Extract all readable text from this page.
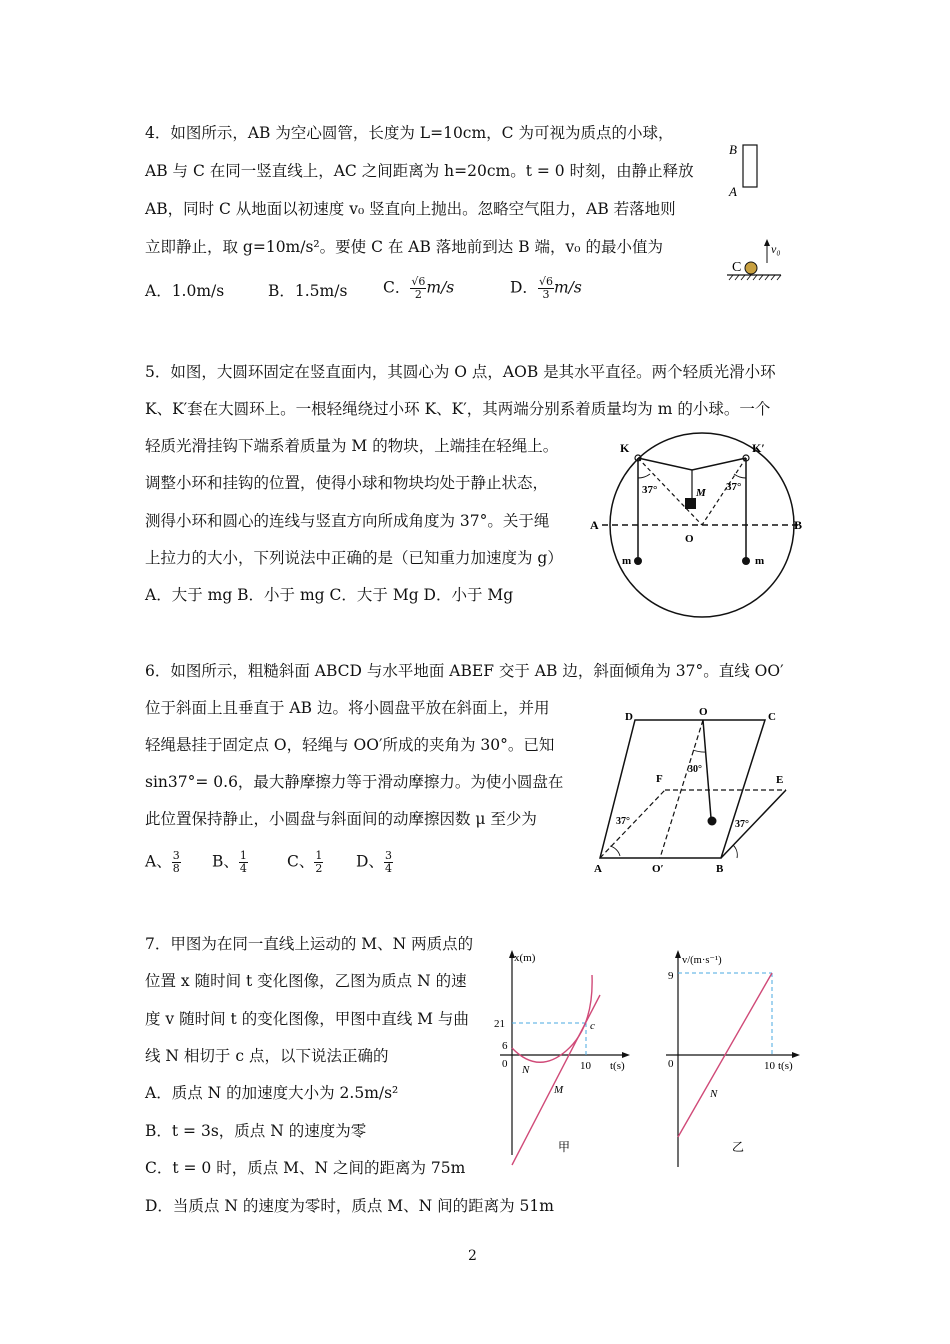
4．如图所示，AB 为空心圆管，长度为 L=10cm，C 为可视为质点的小球，
AB 与 C 在同一竖直线上，AC 之间距离为 h=20cm。t = 0 时刻，由静止释放
AB，同时 C 从地面以初速度 v₀ 竖直向上抛出。忽略空气阻力，AB 若落地则
立即静止，取 g=10m/s²。要使 C 在 AB 落地前到达 B 端，v₀ 的最小值为
A．1.0m/s	B．1.5m/s C． $\frac{√6}{2} m/s$	D． $\frac{√6}{3} m/s$
B
A
v₀
C
5．如图，大圆环固定在竖直面内，其圆心为 O 点，AOB 是其水平直径。两个轻质光滑小环
K、K′套在大圆环上。一根轻绳绕过小环 K、K′，其两端分别系着质量均为 m 的小球。一个
轻质光滑挂钩下端系着质量为 M 的物块，上端挂在轻绳上。
调整小环和挂钩的位置，使得小球和物块均处于静止状态，
测得小环和圆心的连线与竖直方向所成角度为 37°。关于绳
上拉力的大小，下列说法中正确的是（已知重力加速度为 g）
A．大于 mg B．小于 mg C．大于 Mg D．小于 Mg
K	K′
37°	37°
M
A	B
O
m	m
6．如图所示，粗糙斜面 ABCD 与水平地面 ABEF 交于 AB 边，斜面倾角为 37°。直线 OO′
位于斜面上且垂直于 AB 边。将小圆盘平放在斜面上，并用
轻绳悬挂于固定点 O，轻绳与 OO′所成的夹角为 30°。已知
sin37°= 0.6，最大静摩擦力等于滑动摩擦力。为使小圆盘在
此位置保持静止，小圆盘与斜面间的动摩擦因数 μ 至少为
A、 $\frac{3}{8}$ B、 $\frac{1}{4}$	C、 $\frac{1}{2}$ D、 $\frac{3}{4}$
D	O	C
F	E
A	O′	B
30°
37°	37°
7．甲图为在同一直线上运动的 M、N 两质点的
位置 x 随时间 t 变化图像，乙图为质点 N 的速
度 v 随时间 t 的变化图像，甲图中直线 M 与曲
线 N 相切于 c 点，以下说法正确的
A．质点 N 的加速度大小为 2.5m/s²
B．t = 3s，质点 N 的速度为零
C．t = 0 时，质点 M、N 之间的距离为 75m
D．当质点 N 的速度为零时，质点 M、N 间的距离为 51m
x(m)
t(s)
0
21
6
10
c
N
M
甲
v/(m·s⁻¹)
t(s)
0
9
10
N
乙
2
